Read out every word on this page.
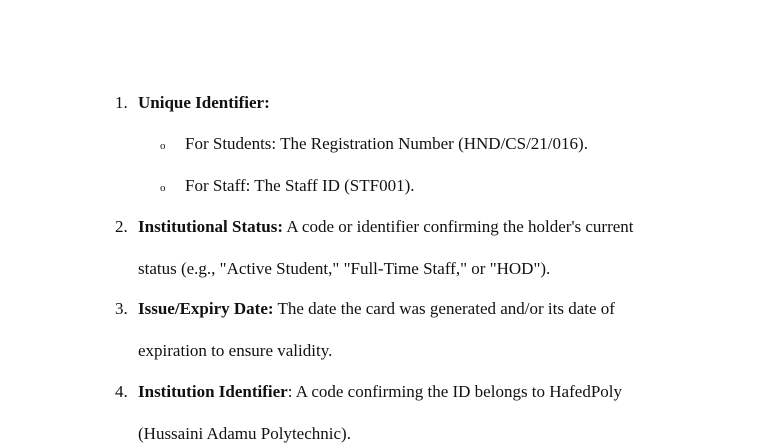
1. Unique Identifier:
o For Students: The Registration Number (HND/CS/21/016).
o For Staff: The Staff ID (STF001).
2. Institutional Status: A code or identifier confirming the holder's current
status (e.g., "Active Student," "Full-Time Staff," or "HOD").
3. Issue/Expiry Date: The date the card was generated and/or its date of
expiration to ensure validity.
4. Institution Identifier: A code confirming the ID belongs to HafedPoly
(Hussaini Adamu Polytechnic).
